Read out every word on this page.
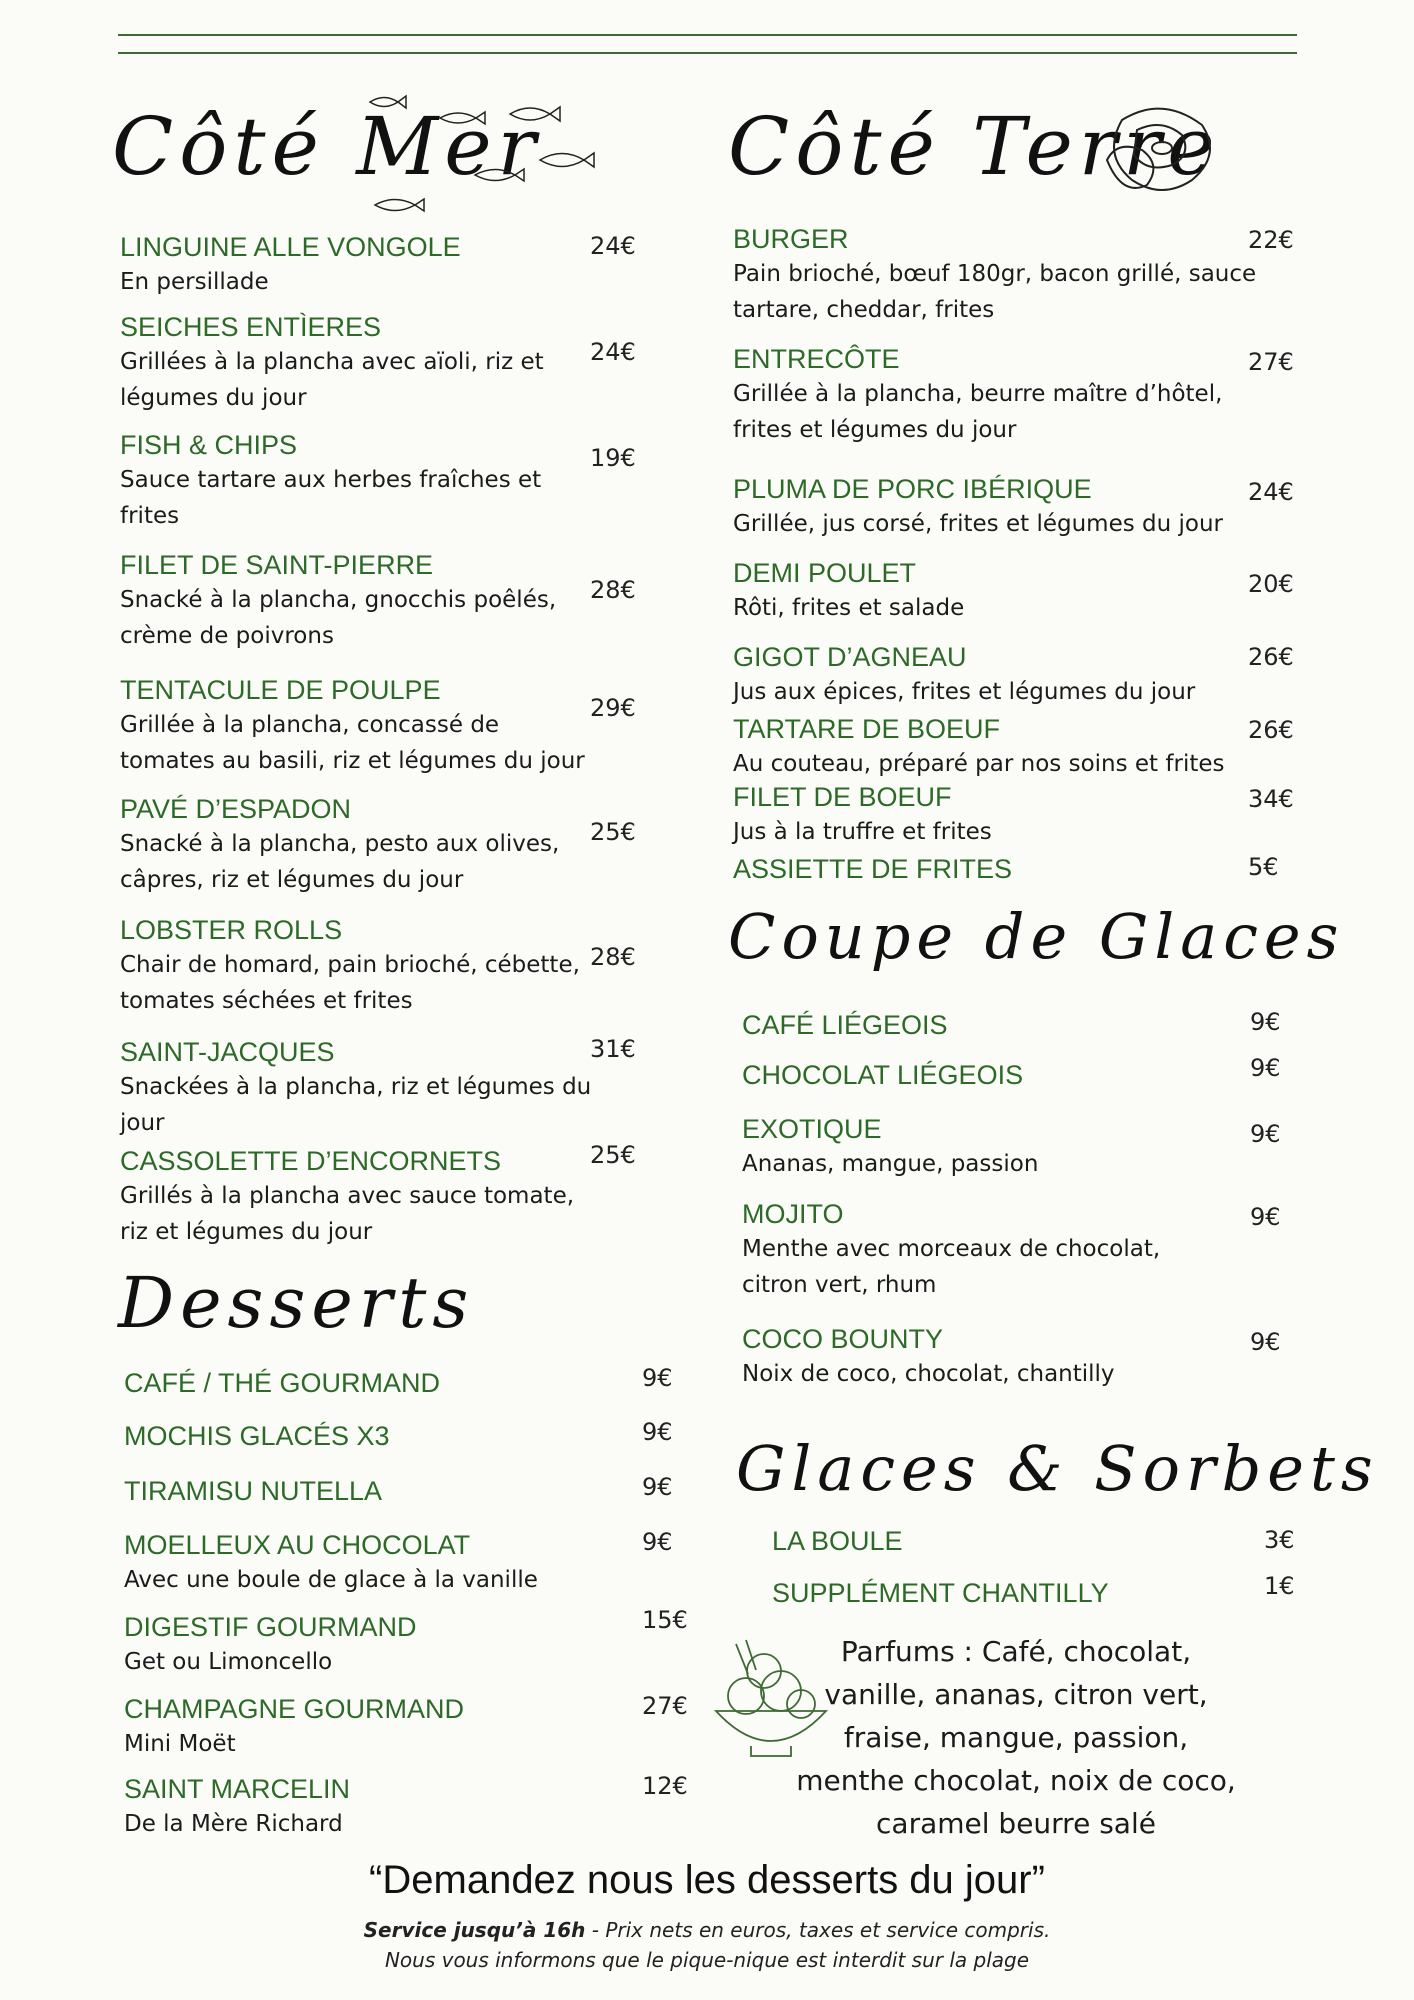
Côté Mer Côté Terre
Desserts
Coupe de Glaces
Glaces & Sorbets
LINGUINE ALLE VONGOLE
En persillade
24€
SEICHES ENTÌERES
Grillées à la plancha avec aïoli, riz et légumes du jour
24€
FISH & CHIPS
Sauce tartare aux herbes fraîches et frites
19€
FILET DE SAINT-PIERRE
Snacké à la plancha, gnocchis poêlés, crème de poivrons
28€
TENTACULE DE POULPE
Grillée à la plancha, concassé de tomates au basili, riz et légumes du jour
29€
PAVÉ D’ESPADON
Snacké à la plancha, pesto aux olives, câpres, riz et légumes du jour
25€
LOBSTER ROLLS
Chair de homard, pain brioché, cébette, tomates séchées et frites
28€
SAINT-JACQUES
Snackées à la plancha, riz et légumes du jour
31€
CASSOLETTE D’ENCORNETS
Grillés à la plancha avec sauce tomate, riz et légumes du jour
25€
BURGER
Pain brioché, bœuf 180gr, bacon grillé, sauce tartare, cheddar, frites
22€
ENTRECÔTE
Grillée à la plancha, beurre maître d’hôtel, frites et légumes du jour
27€
PLUMA DE PORC IBÉRIQUE
Grillée, jus corsé, frites et légumes du jour
24€
DEMI POULET
Rôti, frites et salade
20€
GIGOT D’AGNEAU
Jus aux épices, frites et légumes du jour
26€
TARTARE DE BOEUF
Au couteau, préparé par nos soins et frites
26€
FILET DE BOEUF
Jus à la truffre et frites
34€
ASSIETTE DE FRITES	5€
CAFÉ / THÉ GOURMAND	9€
MOCHIS GLACÉS X3	9€
TIRAMISU NUTELLA	9€
MOELLEUX AU CHOCOLAT
Avec une boule de glace à la vanille
9€
DIGESTIF GOURMAND
Get ou Limoncello
15€
CHAMPAGNE GOURMAND
Mini Moët
27€
SAINT MARCELIN
De la Mère Richard
12€
CAFÉ LIÉGEOIS	9€
CHOCOLAT LIÉGEOIS	9€
EXOTIQUE
Ananas, mangue, passion
9€
MOJITO
Menthe avec morceaux de chocolat, citron vert, rhum
9€
COCO BOUNTY
Noix de coco, chocolat, chantilly
9€
LA BOULE	3€
SUPPLÉMENT CHANTILLY	1€
Parfums : Café, chocolat, vanille, ananas, citron vert, fraise, mangue, passion, menthe chocolat, noix de coco, caramel beurre salé
“Demandez nous les desserts du jour”
Service jusqu’à 16h - Prix nets en euros, taxes et service compris.
Nous vous informons que le pique-nique est interdit sur la plage
